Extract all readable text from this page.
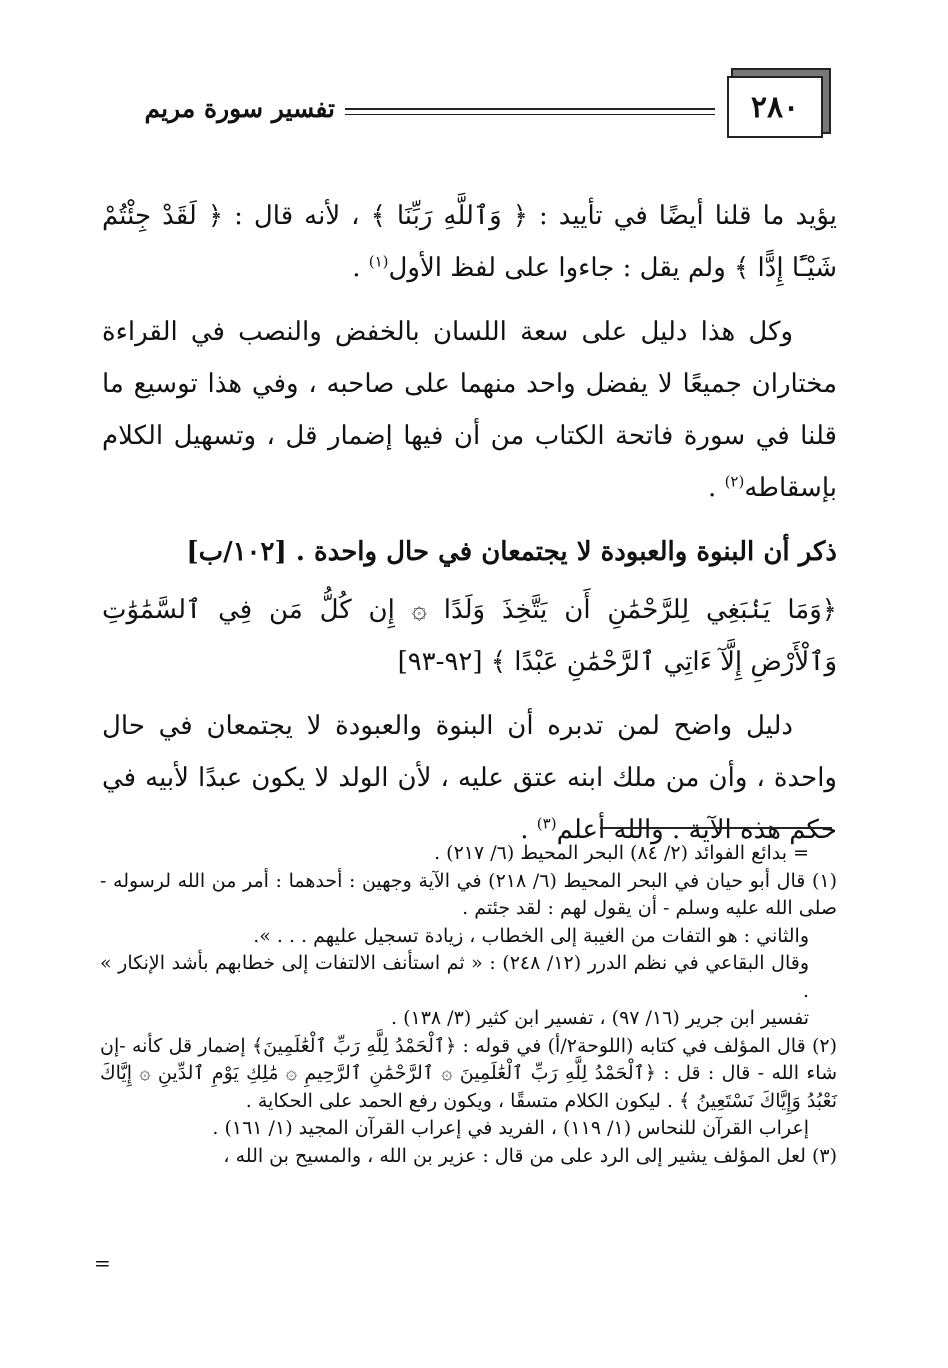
٢٨٠
تفسير سورة مريم

يؤيد ما قلنا أيضًا في تأييد : ﴿ وَٱللَّهِ رَبِّنَا ﴾ ، لأنه قال : ﴿ لَقَدْ جِئْتُمْ شَيْـًٔا إِدًّا ﴾ ولم يقل : جاءوا على لفظ الأول$^{(١)}$ .

وكل هذا دليل على سعة اللسان بالخفض والنصب في القراءة مختاران جميعًا لا يفضل واحد منهما على صاحبه ، وفي هذا توسيع ما قلنا في سورة فاتحة الكتاب من أن فيها إضمار قل ، وتسهيل الكلام بإسقاطه$^{(٢)}$ .

ذكر أن البنوة والعبودة لا يجتمعان في حال واحدة . [١٠٢/ب]
﴿وَمَا يَنۢبَغِي لِلرَّحْمَٰنِ أَن يَتَّخِذَ وَلَدًا ۞ إِن كُلُّ مَن فِي ٱلسَّمَٰوَٰتِ وَٱلْأَرْضِ إِلَّآ ءَاتِي ٱلرَّحْمَٰنِ عَبْدًا ﴾ [٩٢-٩٣]

دليل واضح لمن تدبره أن البنوة والعبودة لا يجتمعان في حال واحدة ، وأن من ملك ابنه عتق عليه ، لأن الولد لا يكون عبدًا لأبيه في حكم هذه الآية . والله أعلم$^{(٣)}$ .

= بدائع الفوائد (٢/ ٨٤) البحر المحيط (٦/ ٢١٧) .

(١) قال أبو حيان في البحر المحيط (٦/ ٢١٨) في الآية وجهين : أحدهما : أمر من الله لرسوله - صلى الله عليه وسلم - أن يقول لهم : لقد جئتم .

والثاني : هو التفات من الغيبة إلى الخطاب ، زيادة تسجيل عليهم . . . ».

وقال البقاعي في نظم الدرر (١٢/ ٢٤٨) : « ثم استأنف الالتفات إلى خطابهم بأشد الإنكار » .

تفسير ابن جرير (١٦/ ٩٧) ، تفسير ابن كثير (٣/ ١٣٨) .

(٢) قال المؤلف في كتابه (اللوحة٢/أ) في قوله : ﴿ٱلْحَمْدُ لِلَّهِ رَبِّ ٱلْعَٰلَمِينَ﴾ إضمار قل كأنه -إن شاء الله - قال : قل : ﴿ٱلْحَمْدُ لِلَّهِ رَبِّ ٱلْعَٰلَمِينَ ۞ ٱلرَّحْمَٰنِ ٱلرَّحِيمِ ۞ مَٰلِكِ يَوْمِ ٱلدِّينِ ۞ إِيَّاكَ نَعْبُدُ وَإِيَّاكَ نَسْتَعِينُ ﴾ . ليكون الكلام متسقًا ، ويكون رفع الحمد على الحكاية .

إعراب القرآن للنحاس (١/ ١١٩) ، الفريد في إعراب القرآن المجيد (١/ ١٦١) .

(٣) لعل المؤلف يشير إلى الرد على من قال : عزير بن الله ، والمسيح بن الله ،

=
